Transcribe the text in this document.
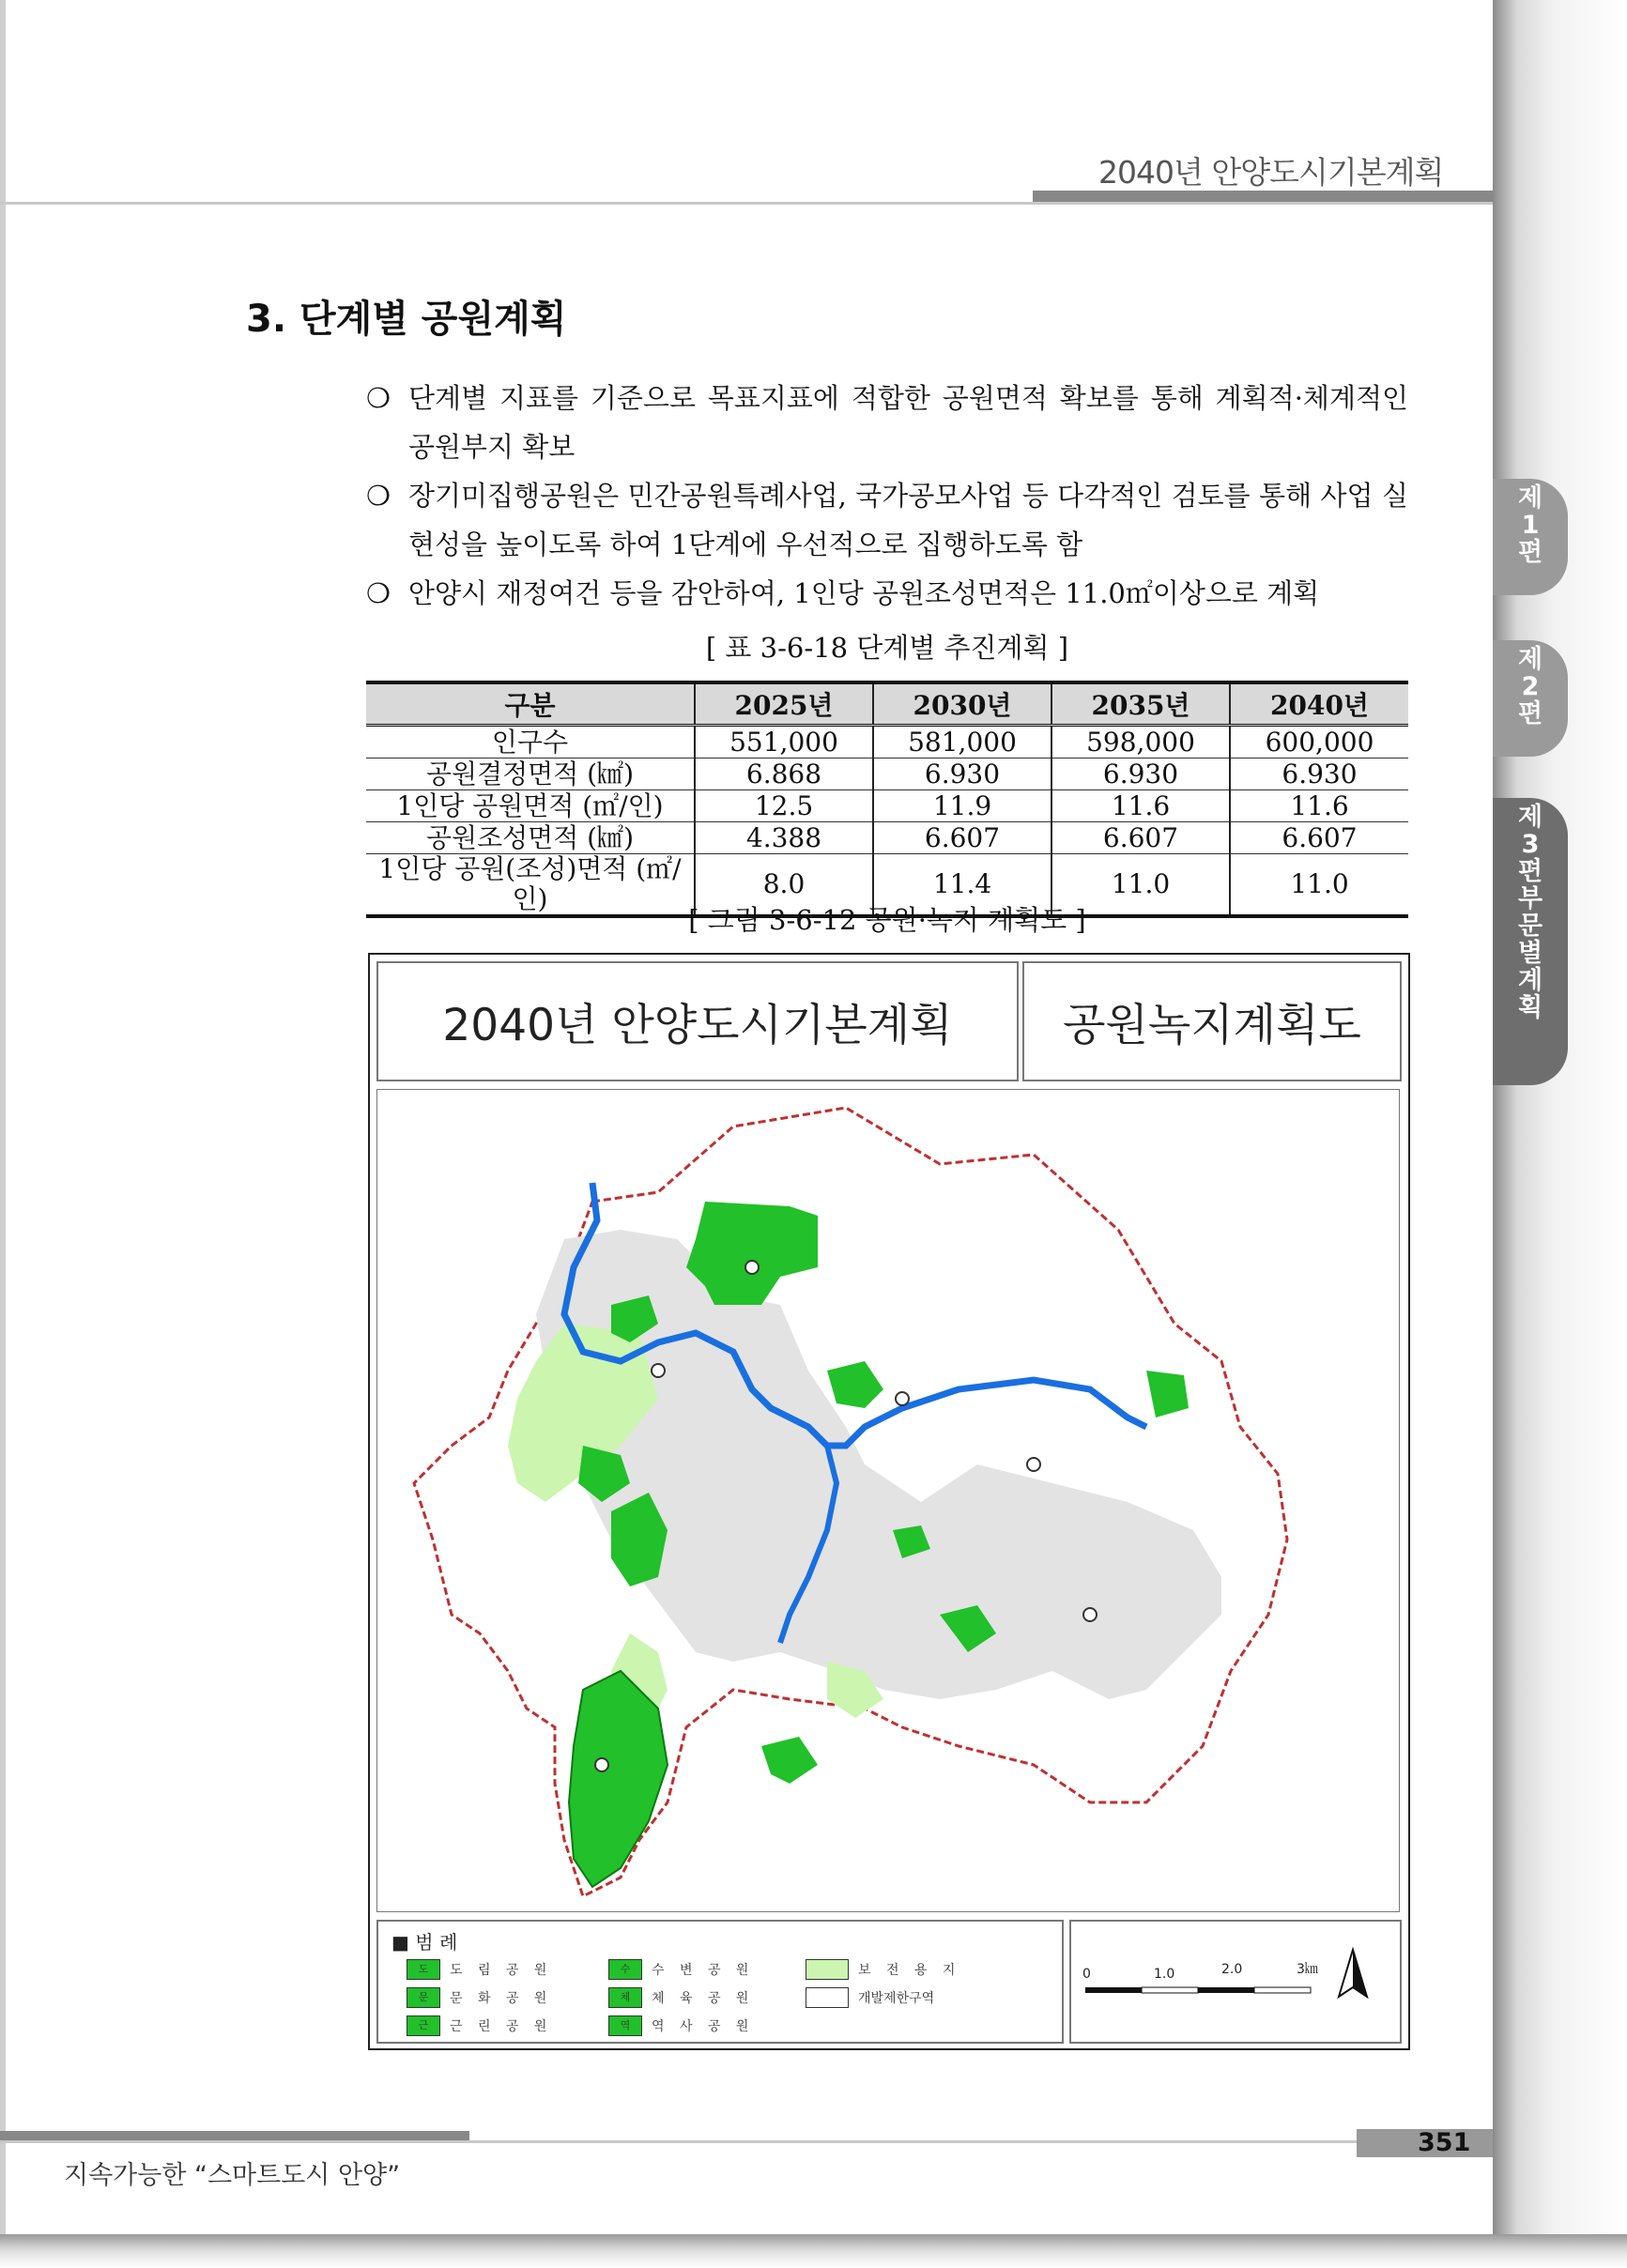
2040년 안양도시기본계획
3. 단계별 공원계획
❍ 단계별 지표를 기준으로 목표지표에 적합한 공원면적 확보를 통해 계획적·체계적인 공원부지 확보
❍ 장기미집행공원은 민간공원특례사업, 국가공모사업 등 다각적인 검토를 통해 사업 실현성을 높이도록 하여 1단계에 우선적으로 집행하도록 함
❍ 안양시 재정여건 등을 감안하여, 1인당 공원조성면적은 11.0㎡이상으로 계획
[ 표 3-6-18 단계별 추진계획 ]
구분	2025년	2030년	2035년	2040년
인구수	551,000	581,000	598,000	600,000
공원결정면적 (㎢)	6.868	6.930	6.930	6.930
1인당 공원면적 (㎡/인)	12.5	11.9	11.6	11.6
공원조성면적 (㎢)	4.388	6.607	6.607	6.607
1인당 공원(조성)면적 (㎡/인)	8.0	11.4	11.0	11.0
[ 그림 3-6-12 공원·녹지 계획도 ]
2040년 안양도시기본계획	공원녹지계획도
■ 범 례
도	도 림 공 원
문	문 화 공 원
근	근 린 공 원
수	수 변 공 원
체	체 육 공 원
역	역 사 공 원
보 전 용 지
개발제한구역
0	1.0	2.0	3㎞
351
지속가능한 “스마트도시 안양”
제
1
편
제
2
편
제
3
편
부
문
별
계
획
